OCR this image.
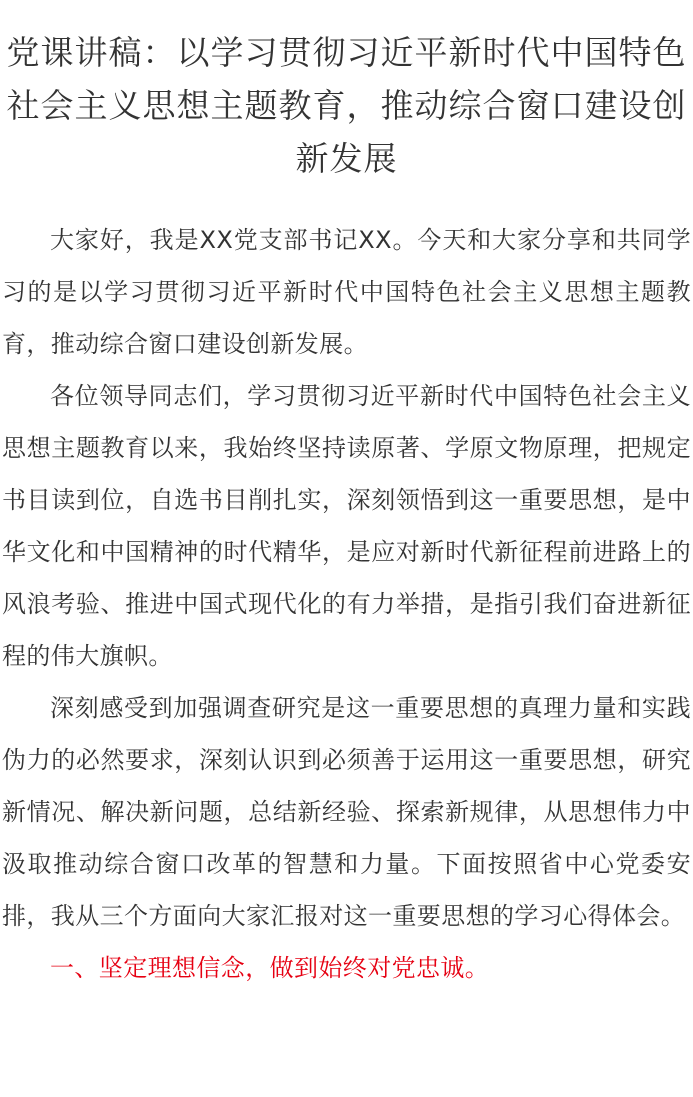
党课讲稿：以学习贯彻习近平新时代中国特色社会主义思想主题教育，推动综合窗口建设创新发展

大家好，我是XX党支部书记XX。今天和大家分享和共同学习的是以学习贯彻习近平新时代中国特色社会主义思想主题教育，推动综合窗口建设创新发展。

各位领导同志们，学习贯彻习近平新时代中国特色社会主义思想主题教育以来，我始终坚持读原著、学原文物原理，把规定书目读到位，自选书目削扎实，深刻领悟到这一重要思想，是中华文化和中国精神的时代精华，是应对新时代新征程前进路上的风浪考验、推进中国式现代化的有力举措，是指引我们奋进新征程的伟大旗帜。

深刻感受到加强调查研究是这一重要思想的真理力量和实践伪力的必然要求，深刻认识到必须善于运用这一重要思想，研究新情况、解决新问题，总结新经验、探索新规律，从思想伟力中汲取推动综合窗口改革的智慧和力量。下面按照省中心党委安排，我从三个方面向大家汇报对这一重要思想的学习心得体会。

一、坚定理想信念，做到始终对党忠诚。
